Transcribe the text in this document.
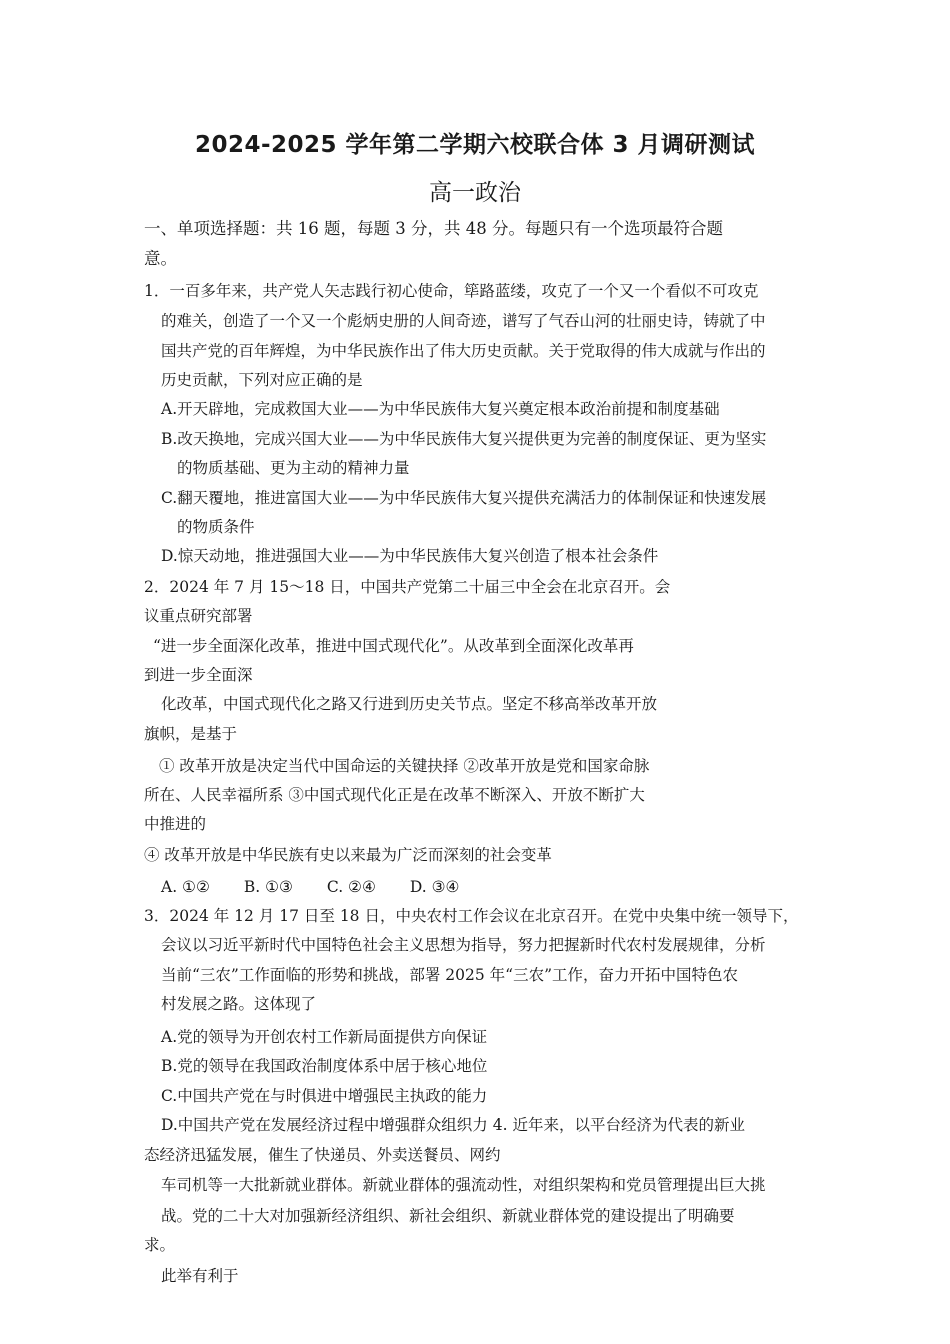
2024-2025 学年第二学期六校联合体 3 月调研测试
高一政治
一、单项选择题：共 16 题，每题 3 分，共 48 分。每题只有一个选项最符合题
意。
1．一百多年来，共产党人矢志践行初心使命，筚路蓝缕，攻克了一个又一个看似不可攻克
的难关，创造了一个又一个彪炳史册的人间奇迹，谱写了气吞山河的壮丽史诗，铸就了中
国共产党的百年辉煌，为中华民族作出了伟大历史贡献。关于党取得的伟大成就与作出的
历史贡献，下列对应正确的是
A.开天辟地，完成救国大业——为中华民族伟大复兴奠定根本政治前提和制度基础
B.改天换地，完成兴国大业——为中华民族伟大复兴提供更为完善的制度保证、更为坚实
的物质基础、更为主动的精神力量
C.翻天覆地，推进富国大业——为中华民族伟大复兴提供充满活力的体制保证和快速发展
的物质条件
D.惊天动地，推进强国大业——为中华民族伟大复兴创造了根本社会条件
2．2024 年 7 月 15～18 日，中国共产党第二十届三中全会在北京召开。会
议重点研究部署
“进一步全面深化改革，推进中国式现代化”。从改革到全面深化改革再
到进一步全面深
化改革，中国式现代化之路又行进到历史关节点。坚定不移高举改革开放
旗帜，是基于
① 改革开放是决定当代中国命运的关键抉择 ②改革开放是党和国家命脉
所在、人民幸福所系 ③中国式现代化正是在改革不断深入、开放不断扩大
中推进的
④ 改革开放是中华民族有史以来最为广泛而深刻的社会变革
A. ①② B. ①③ C. ②④ D. ③④
3．2024 年 12 月 17 日至 18 日，中央农村工作会议在北京召开。在党中央集中统一领导下，
会议以习近平新时代中国特色社会主义思想为指导，努力把握新时代农村发展规律，分析
当前“三农”工作面临的形势和挑战，部署 2025 年“三农”工作，奋力开拓中国特色农
村发展之路。这体现了
A.党的领导为开创农村工作新局面提供方向保证
B.党的领导在我国政治制度体系中居于核心地位
C.中国共产党在与时俱进中增强民主执政的能力
D.中国共产党在发展经济过程中增强群众组织力 4. 近年来，以平台经济为代表的新业
态经济迅猛发展，催生了快递员、外卖送餐员、网约
车司机等一大批新就业群体。新就业群体的强流动性，对组织架构和党员管理提出巨大挑
战。党的二十大对加强新经济组织、新社会组织、新就业群体党的建设提出了明确要
求。
此举有利于
